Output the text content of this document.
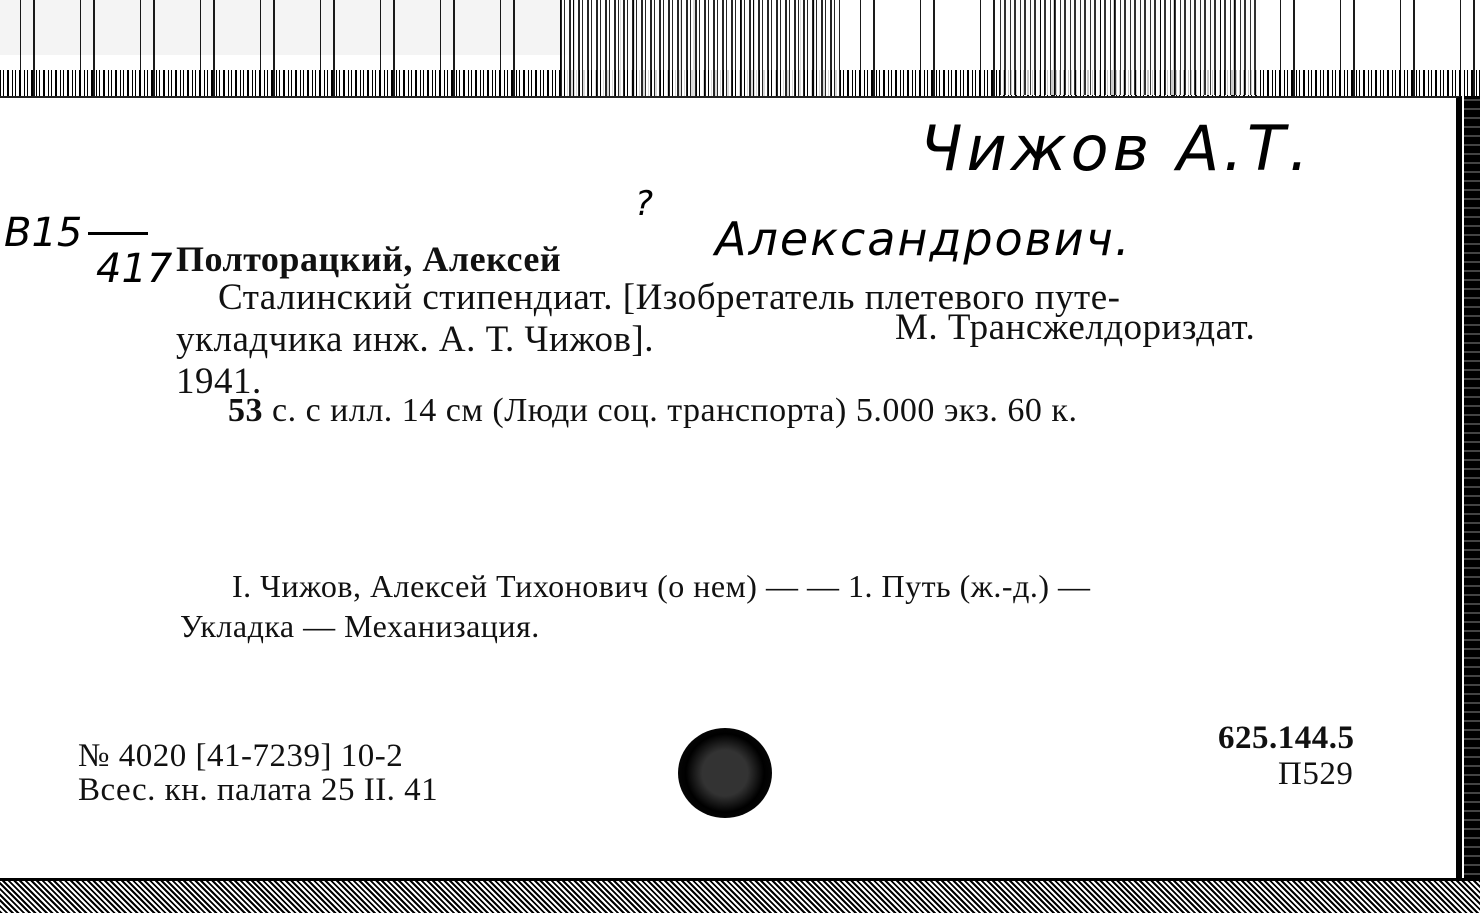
Чижов А.Т.
В15
417
?
Александрович.
Полторацкий, Алексей
Сталинский стипендиат. [Изобретатель плетевого путе-
укладчика инж. А. Т. Чижов].	М. Трансжелдориздат.
1941.
53 с. с илл. 14 см (Люди соц. транспорта) 5.000 экз. 60 к.
I. Чижов, Алексей Тихонович (о нем) — — 1. Путь (ж.-д.) —
Укладка — Механизация.
№ 4020 [41-7239] 10-2
Всес. кн. палата 25 II. 41
625.144.5
П529
